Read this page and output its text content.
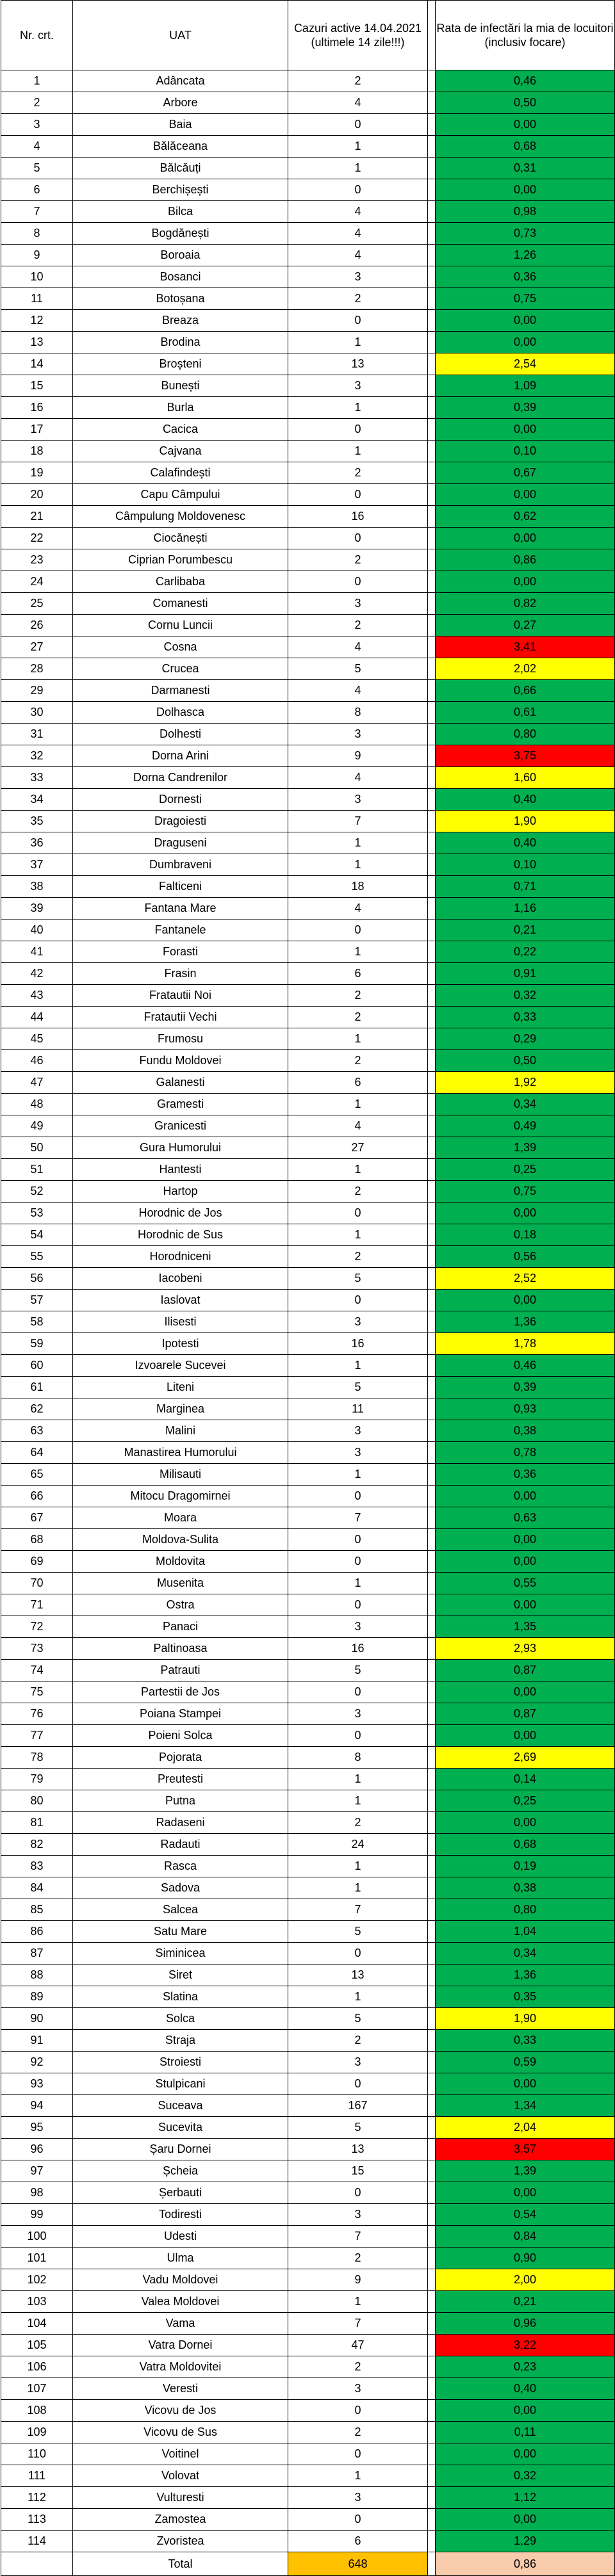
Nr. crt.	UAT	Cazuri active 14.04.2021 (ultimele 14 zile!!!)		Rata de infectări la mia de locuitori (inclusiv focare)
1	Adâncata	2		0,46
2	Arbore	4		0,50
3	Baia	0		0,00
4	Bălăceana	1		0,68
5	Bălcăuți	1		0,31
6	Berchișești	0		0,00
7	Bilca	4		0,98
8	Bogdănești	4		0,73
9	Boroaia	4		1,26
10	Bosanci	3		0,36
11	Botoșana	2		0,75
12	Breaza	0		0,00
13	Brodina	1		0,00
14	Broșteni	13		2,54
15	Bunești	3		1,09
16	Burla	1		0,39
17	Cacica	0		0,00
18	Cajvana	1		0,10
19	Calafindești	2		0,67
20	Capu Câmpului	0		0,00
21	Câmpulung Moldovenesc	16		0,62
22	Ciocănești	0		0,00
23	Ciprian Porumbescu	2		0,86
24	Carlibaba	0		0,00
25	Comanesti	3		0,82
26	Cornu Luncii	2		0,27
27	Cosna	4		3,41
28	Crucea	5		2,02
29	Darmanesti	4		0,66
30	Dolhasca	8		0,61
31	Dolhesti	3		0,80
32	Dorna Arini	9		3,75
33	Dorna Candrenilor	4		1,60
34	Dornesti	3		0,40
35	Dragoiesti	7		1,90
36	Draguseni	1		0,40
37	Dumbraveni	1		0,10
38	Falticeni	18		0,71
39	Fantana Mare	4		1,16
40	Fantanele	0		0,21
41	Forasti	1		0,22
42	Frasin	6		0,91
43	Fratautii Noi	2		0,32
44	Fratautii Vechi	2		0,33
45	Frumosu	1		0,29
46	Fundu Moldovei	2		0,50
47	Galanesti	6		1,92
48	Gramesti	1		0,34
49	Granicesti	4		0,49
50	Gura Humorului	27		1,39
51	Hantesti	1		0,25
52	Hartop	2		0,75
53	Horodnic de Jos	0		0,00
54	Horodnic de Sus	1		0,18
55	Horodniceni	2		0,56
56	Iacobeni	5		2,52
57	Iaslovat	0		0,00
58	Ilisesti	3		1,36
59	Ipotesti	16		1,78
60	Izvoarele Sucevei	1		0,46
61	Liteni	5		0,39
62	Marginea	11		0,93
63	Malini	3		0,38
64	Manastirea Humorului	3		0,78
65	Milisauti	1		0,36
66	Mitocu Dragomirnei	0		0,00
67	Moara	7		0,63
68	Moldova-Sulita	0		0,00
69	Moldovita	0		0,00
70	Musenita	1		0,55
71	Ostra	0		0,00
72	Panaci	3		1,35
73	Paltinoasa	16		2,93
74	Patrauti	5		0,87
75	Partestii de Jos	0		0,00
76	Poiana Stampei	3		0,87
77	Poieni Solca	0		0,00
78	Pojorata	8		2,69
79	Preutesti	1		0,14
80	Putna	1		0,25
81	Radaseni	2		0,00
82	Radauti	24		0,68
83	Rasca	1		0,19
84	Sadova	1		0,38
85	Salcea	7		0,80
86	Satu Mare	5		1,04
87	Siminicea	0		0,34
88	Siret	13		1,36
89	Slatina	1		0,35
90	Solca	5		1,90
91	Straja	2		0,33
92	Stroiesti	3		0,59
93	Stulpicani	0		0,00
94	Suceava	167		1,34
95	Sucevita	5		2,04
96	Șaru Dornei	13		3,57
97	Șcheia	15		1,39
98	Șerbauti	0		0,00
99	Todiresti	3		0,54
100	Udesti	7		0,84
101	Ulma	2		0,90
102	Vadu Moldovei	9		2,00
103	Valea Moldovei	1		0,21
104	Vama	7		0,96
105	Vatra Dornei	47		3,22
106	Vatra Moldovitei	2		0,23
107	Veresti	3		0,40
108	Vicovu de Jos	0		0,00
109	Vicovu de Sus	2		0,11
110	Voitinel	0		0,00
111	Volovat	1		0,32
112	Vulturesti	3		1,12
113	Zamostea	0		0,00
114	Zvoristea	6		1,29
	Total	648		0,86
